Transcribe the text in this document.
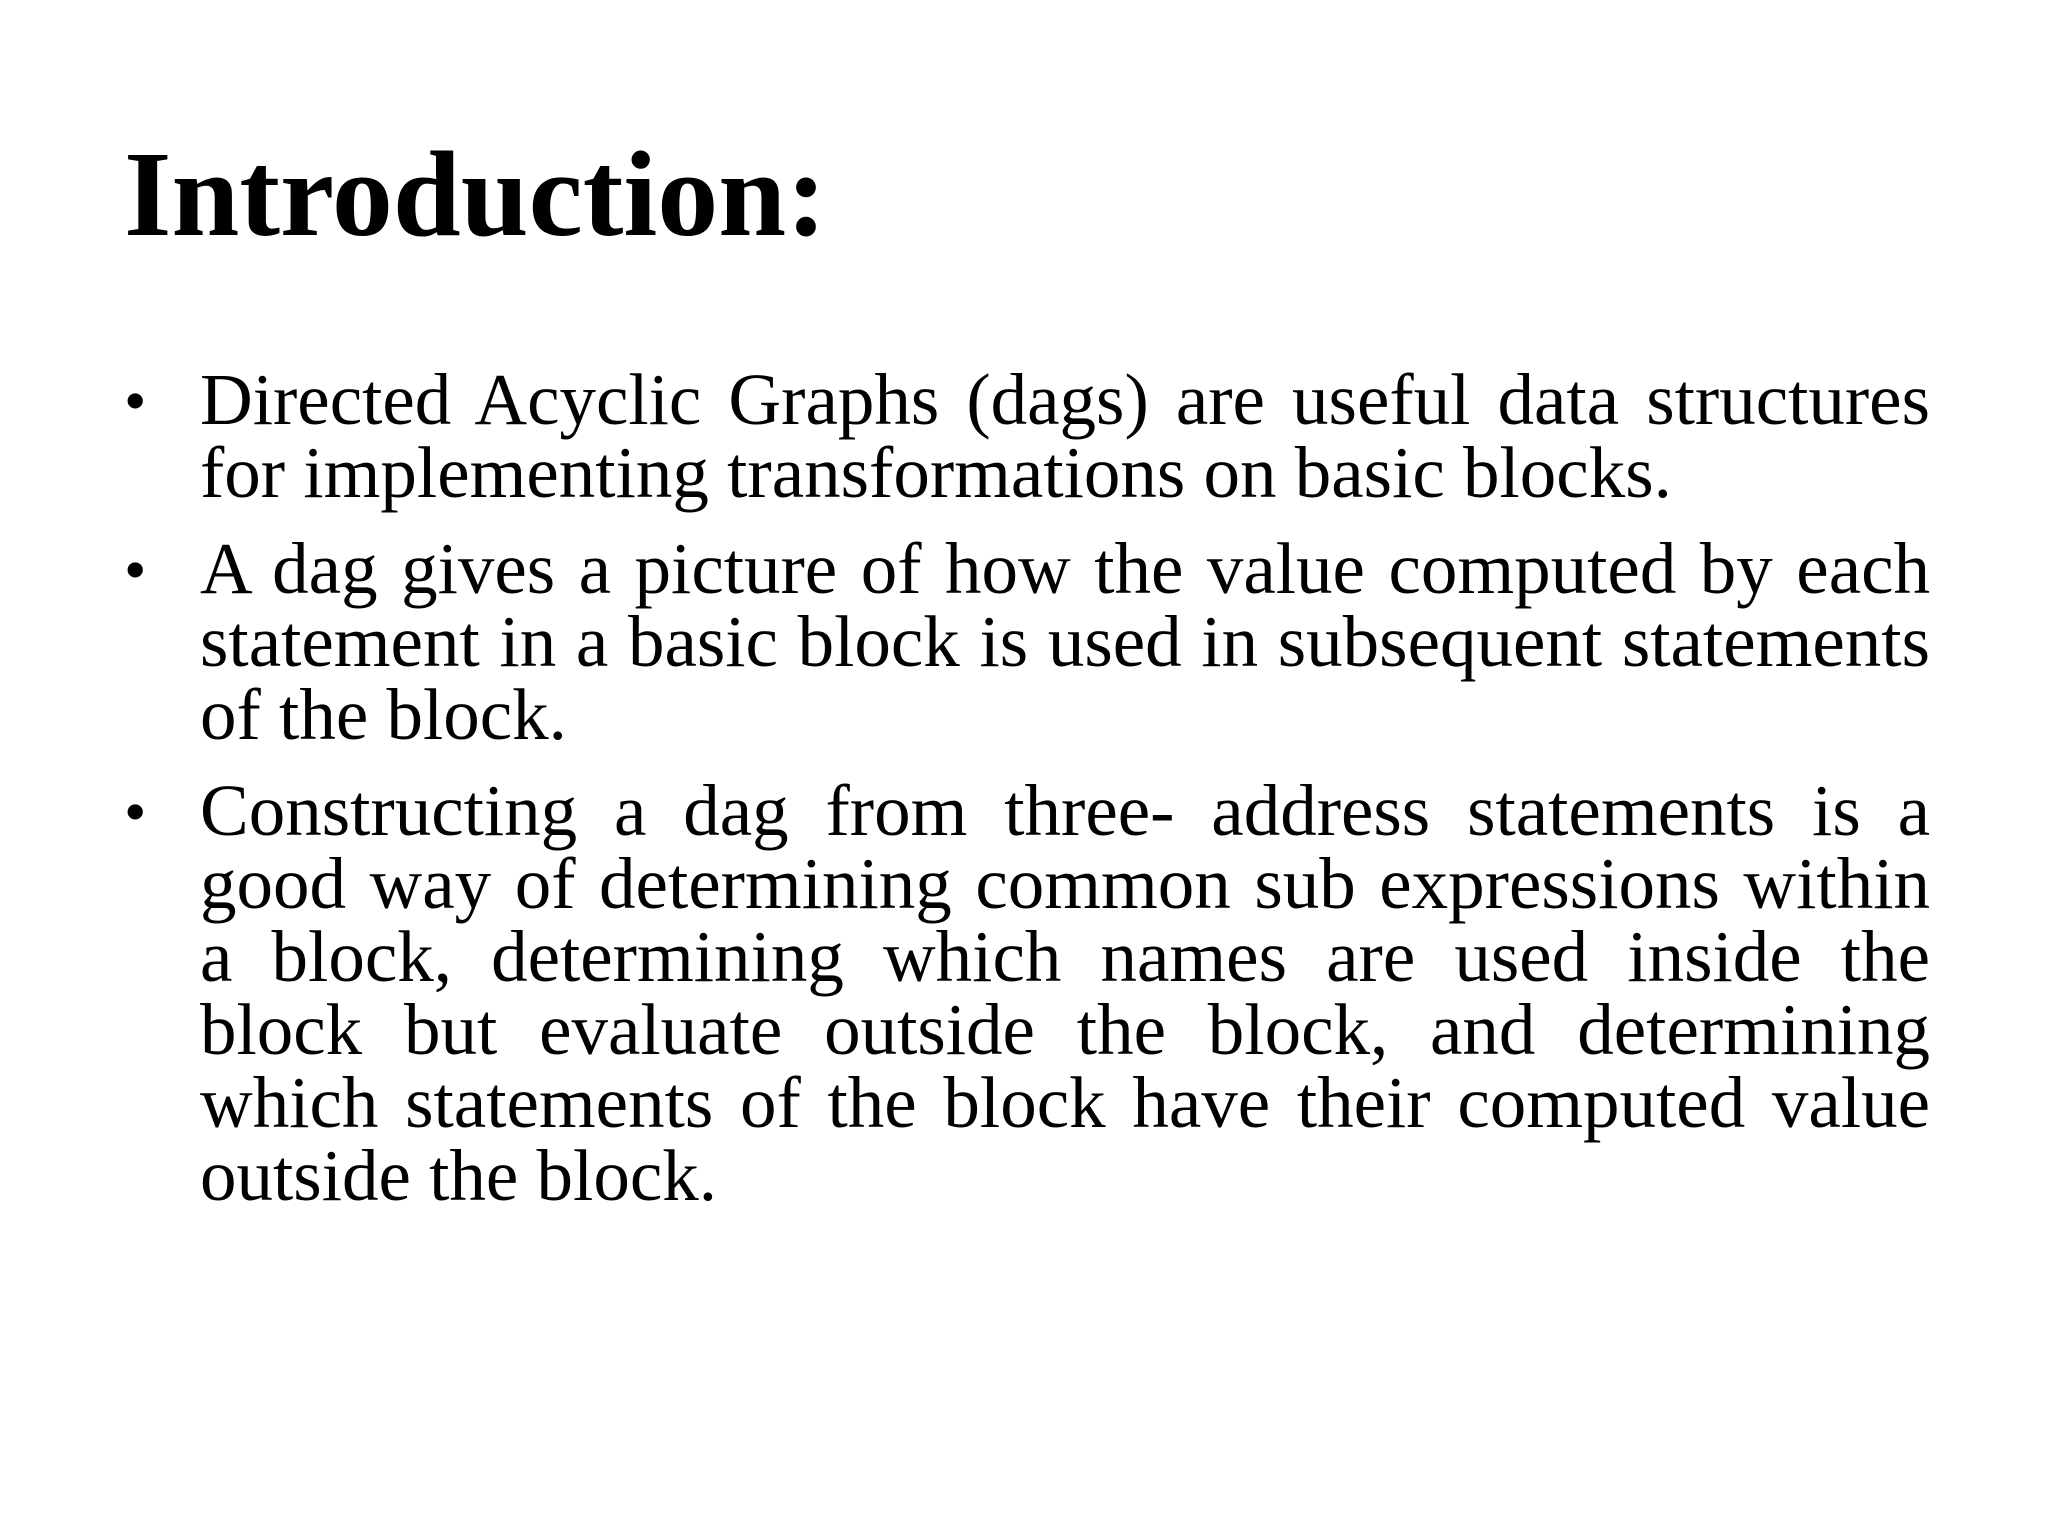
Introduction:
• Directed Acyclic Graphs (dags) are useful data structures for implementing transformations on basic blocks.
• A dag gives a picture of how the value computed by each statement in a basic block is used in subsequent statements of the block.
• Constructing a dag from three- address statements is a good way of determining common sub expressions within a block, determining which names are used inside the block but evaluate outside the block, and determining which statements of the block have their computed value outside the block.
